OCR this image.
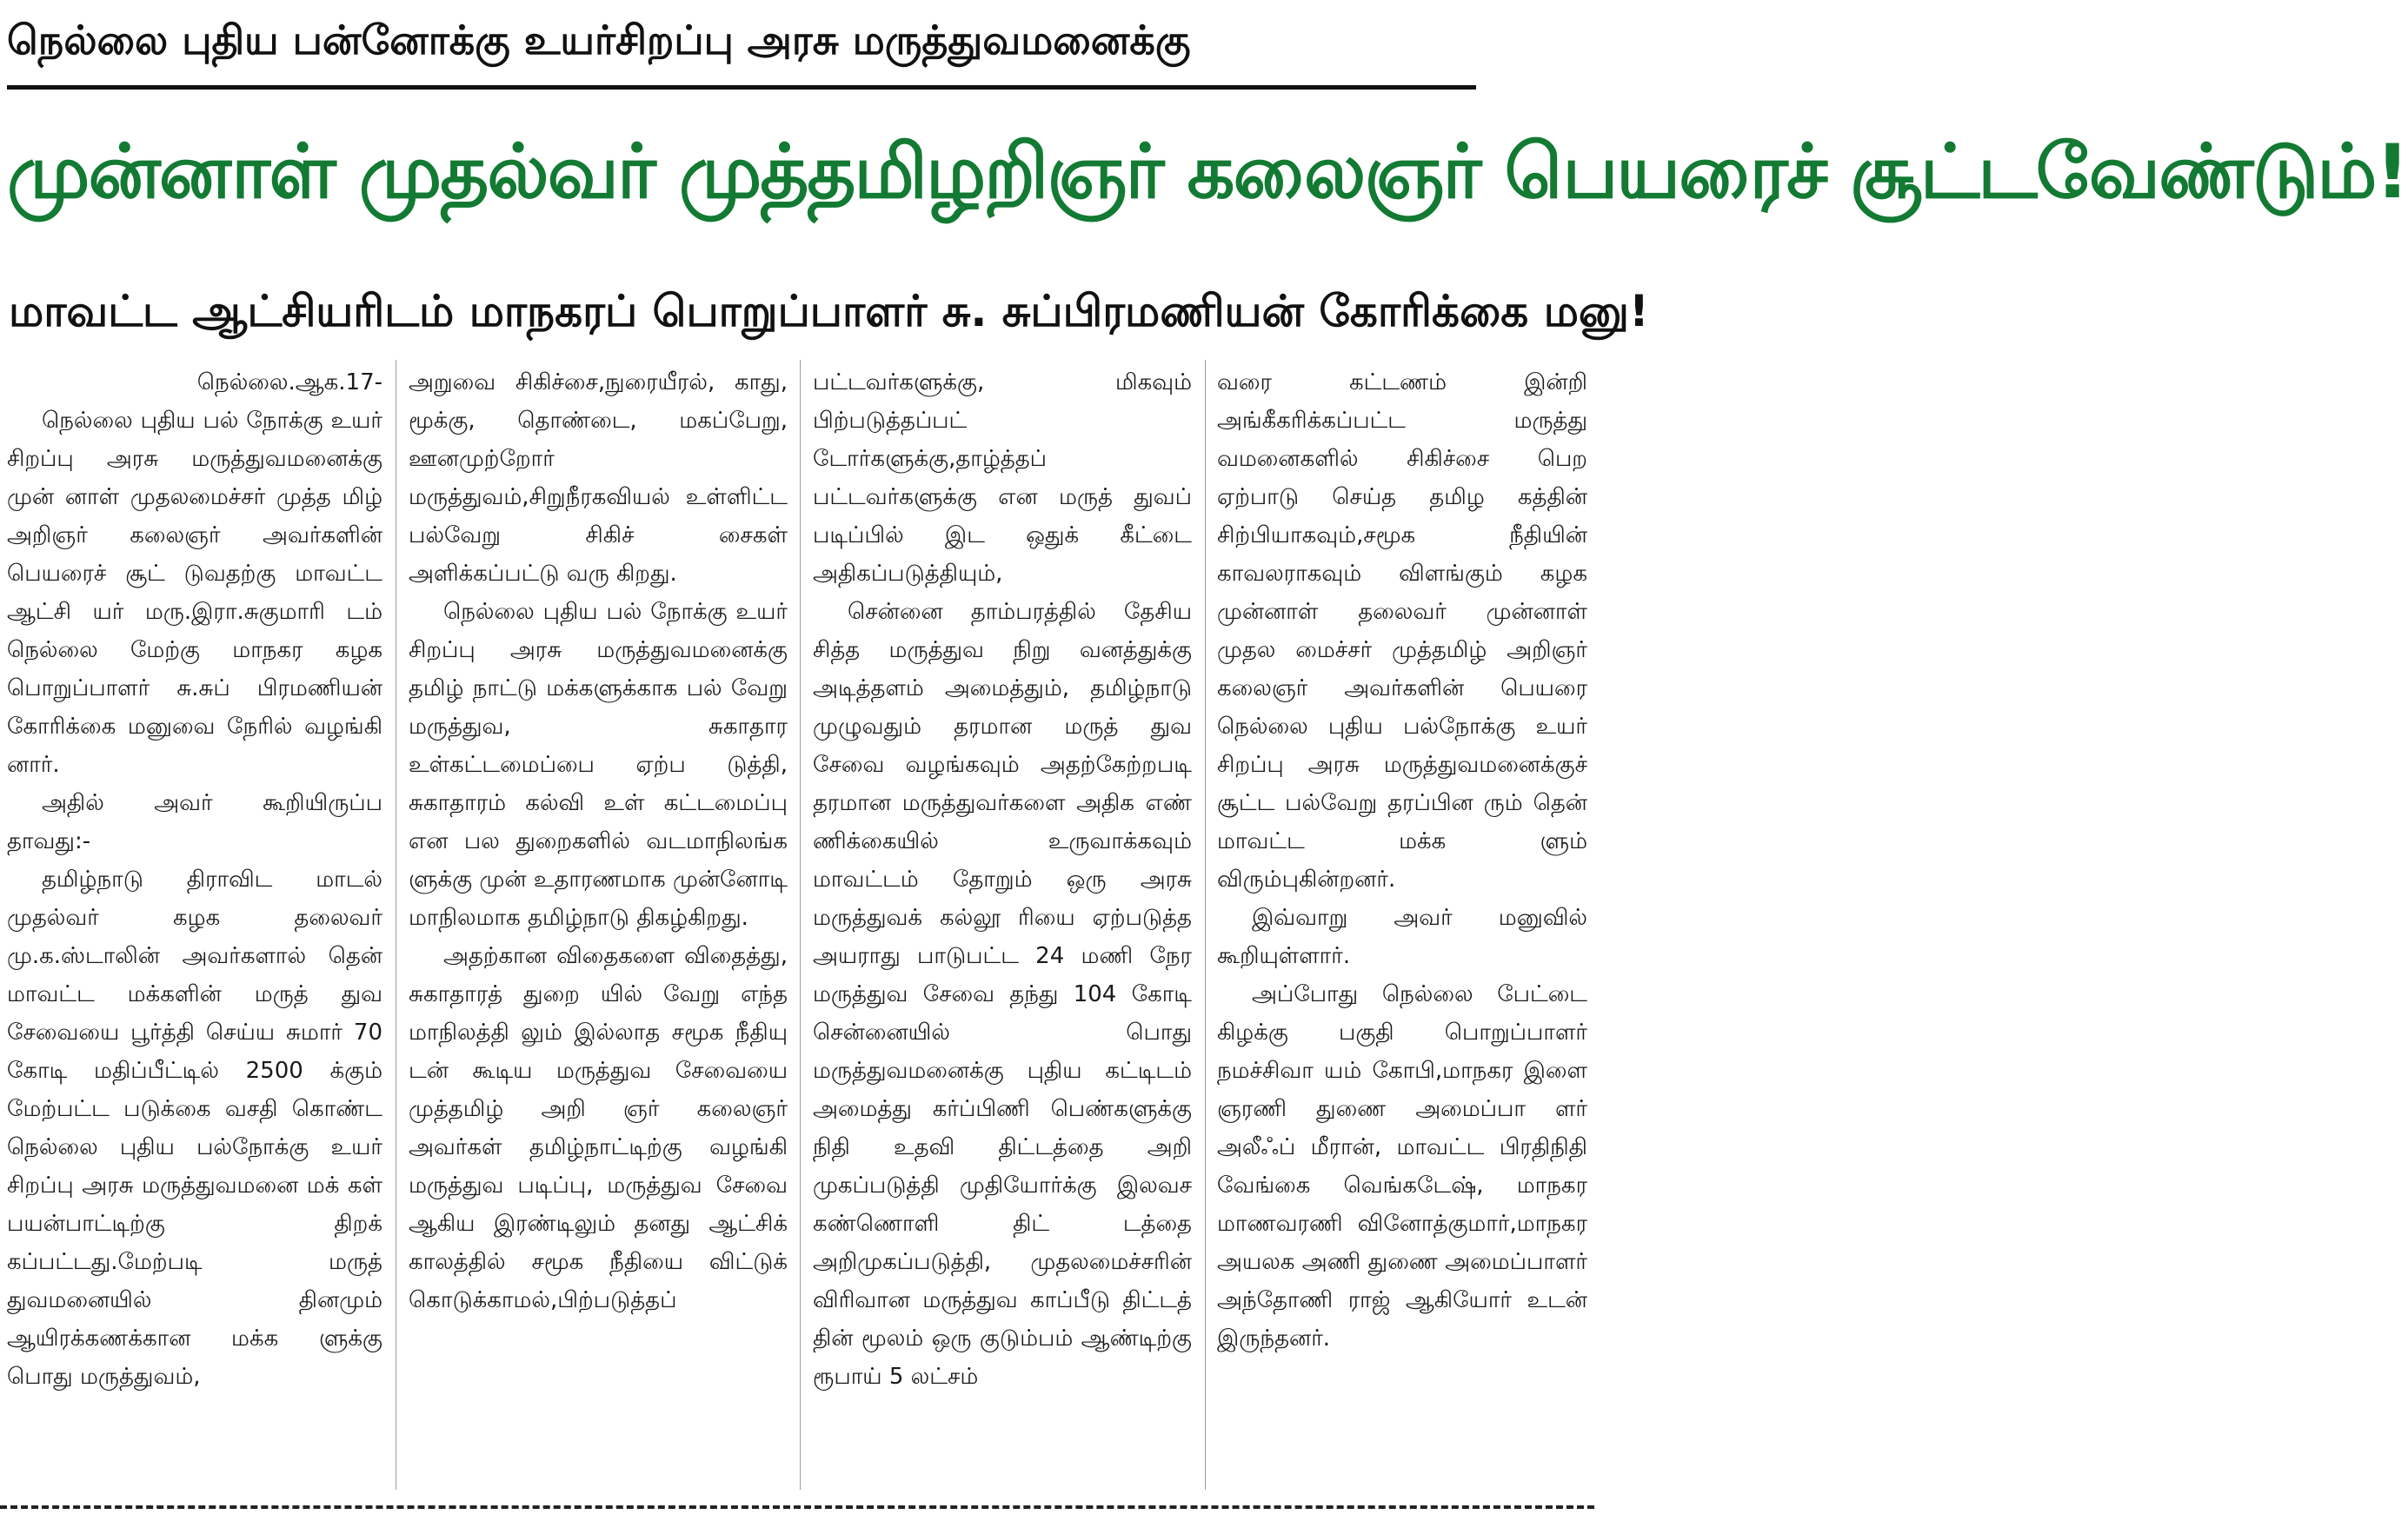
நெல்லை புதிய பன்னோக்கு உயர்சிறப்பு அரசு மருத்துவமனைக்கு
முன்னாள் முதல்வர் முத்தமிழறிஞர் கலைஞர் பெயரைச் சூட்டவேண்டும்!
மாவட்ட ஆட்சியரிடம் மாநகரப் பொறுப்பாளர் சு. சுப்பிரமணியன் கோரிக்கை மனு!

நெல்லை.ஆக.17-

நெல்லை புதிய பல் நோக்கு உயர் சிறப்பு அரசு மருத்துவமனைக்கு முன் னாள் முதலமைச்சர் முத்த மிழ் அறிஞர் கலைஞர் அவர்களின் பெயரைச் சூட் டுவதற்கு மாவட்ட ஆட்சி யர் மரு.இரா.சுகுமாரி டம் நெல்லை மேற்கு மாநகர கழக பொறுப்பாளர் சு.சுப் பிரமணியன் கோரிக்கை மனுவை நேரில் வழங்கி னார்.

அதில் அவர் கூறியிருப்ப தாவது:-

தமிழ்நாடு திராவிட மாடல் முதல்வர் கழக தலைவர் மு.க.ஸ்டாலின் அவர்களால் தென் மாவட்ட மக்களின் மருத் துவ சேவையை பூர்த்தி செய்ய சுமார் 70 கோடி மதிப்பீட்டில் 2500 க்கும் மேற்பட்ட படுக்கை வசதி கொண்ட நெல்லை புதிய பல்நோக்கு உயர் சிறப்பு அரசு மருத்துவமனை மக் கள் பயன்பாட்டிற்கு திறக் கப்பட்டது.மேற்படி மருத் துவமனையில் தினமும் ஆயிரக்கணக்கான மக்க ளுக்கு பொது மருத்துவம்,

அறுவை சிகிச்சை,நுரையீரல், காது, மூக்கு, தொண்டை, மகப்பேறு, ஊனமுற்றோர் மருத்துவம்,சிறுநீரகவியல் உள்ளிட்ட பல்வேறு சிகிச் சைகள் அளிக்கப்பட்டு வரு கிறது.

நெல்லை புதிய பல் நோக்கு உயர் சிறப்பு அரசு மருத்துவமனைக்கு தமிழ் நாட்டு மக்களுக்காக பல் வேறு மருத்துவ, சுகாதார உள்கட்டமைப்பை ஏற்ப டுத்தி, சுகாதாரம் கல்வி உள் கட்டமைப்பு என பல துறைகளில் வடமாநிலங்க ளுக்கு முன் உதாரணமாக முன்னோடி மாநிலமாக தமிழ்நாடு திகழ்கிறது.

அதற்கான விதைகளை விதைத்து, சுகாதாரத் துறை யில் வேறு எந்த மாநிலத்தி லும் இல்லாத சமூக நீதியு டன் கூடிய மருத்துவ சேவையை முத்தமிழ் அறி ஞர் கலைஞர் அவர்கள் தமிழ்நாட்டிற்கு வழங்கி மருத்துவ படிப்பு, மருத்துவ சேவை ஆகிய இரண்டிலும் தனது ஆட்சிக் காலத்தில் சமூக நீதியை விட்டுக் கொடுக்காமல்,பிற்படுத்தப்

பட்டவர்களுக்கு, மிகவும் பிற்படுத்தப்பட் டோர்களுக்கு,தாழ்த்தப் பட்டவர்களுக்கு என மருத் துவப் படிப்பில் இட ஒதுக் கீட்டை அதிகப்படுத்தியும்,

சென்னை தாம்பரத்தில் தேசிய சித்த மருத்துவ நிறு வனத்துக்கு அடித்தளம் அமைத்தும், தமிழ்நாடு முழுவதும் தரமான மருத் துவ சேவை வழங்கவும் அதற்கேற்றபடி தரமான மருத்துவர்களை அதிக எண் ணிக்கையில் உருவாக்கவும் மாவட்டம் தோறும் ஒரு அரசு மருத்துவக் கல்லூ ரியை ஏற்படுத்த அயராது பாடுபட்ட 24 மணி நேர மருத்துவ சேவை தந்து 104 கோடி சென்னையில் பொது மருத்துவமனைக்கு புதிய கட்டிடம் அமைத்து கர்ப்பிணி பெண்களுக்கு நிதி உதவி திட்டத்தை அறி முகப்படுத்தி முதியோர்க்கு இலவச கண்ணொளி திட் டத்தை அறிமுகப்படுத்தி, முதலமைச்சரின் விரிவான மருத்துவ காப்பீடு திட்டத் தின் மூலம் ஒரு குடும்பம் ஆண்டிற்கு ரூபாய் 5 லட்சம்

வரை கட்டணம் இன்றி அங்கீகரிக்கப்பட்ட மருத்து வமனைகளில் சிகிச்சை பெற ஏற்பாடு செய்த தமிழ கத்தின் சிற்பியாகவும்,சமூக நீதியின் காவலராகவும் விளங்கும் கழக முன்னாள் தலைவர் முன்னாள் முதல மைச்சர் முத்தமிழ் அறிஞர் கலைஞர் அவர்களின் பெயரை நெல்லை புதிய பல்நோக்கு உயர் சிறப்பு அரசு மருத்துவமனைக்குச் சூட்ட பல்வேறு தரப்பின ரும் தென் மாவட்ட மக்க ளும் விரும்புகின்றனர்.

இவ்வாறு அவர் மனுவில் கூறியுள்ளார்.

அப்போது நெல்லை பேட்டை கிழக்கு பகுதி பொறுப்பாளர் நமச்சிவா யம் கோபி,மாநகர இளை ஞரணி துணை அமைப்பா ளர் அலீஃப் மீரான், மாவட்ட பிரதிநிதி வேங்கை வெங்கடேஷ், மாநகர மாணவரணி வினோத்குமார்,மாநகர அயலக அணி துணை அமைப்பாளர் அந்தோணி ராஜ் ஆகியோர் உடன் இருந்தனர்.
